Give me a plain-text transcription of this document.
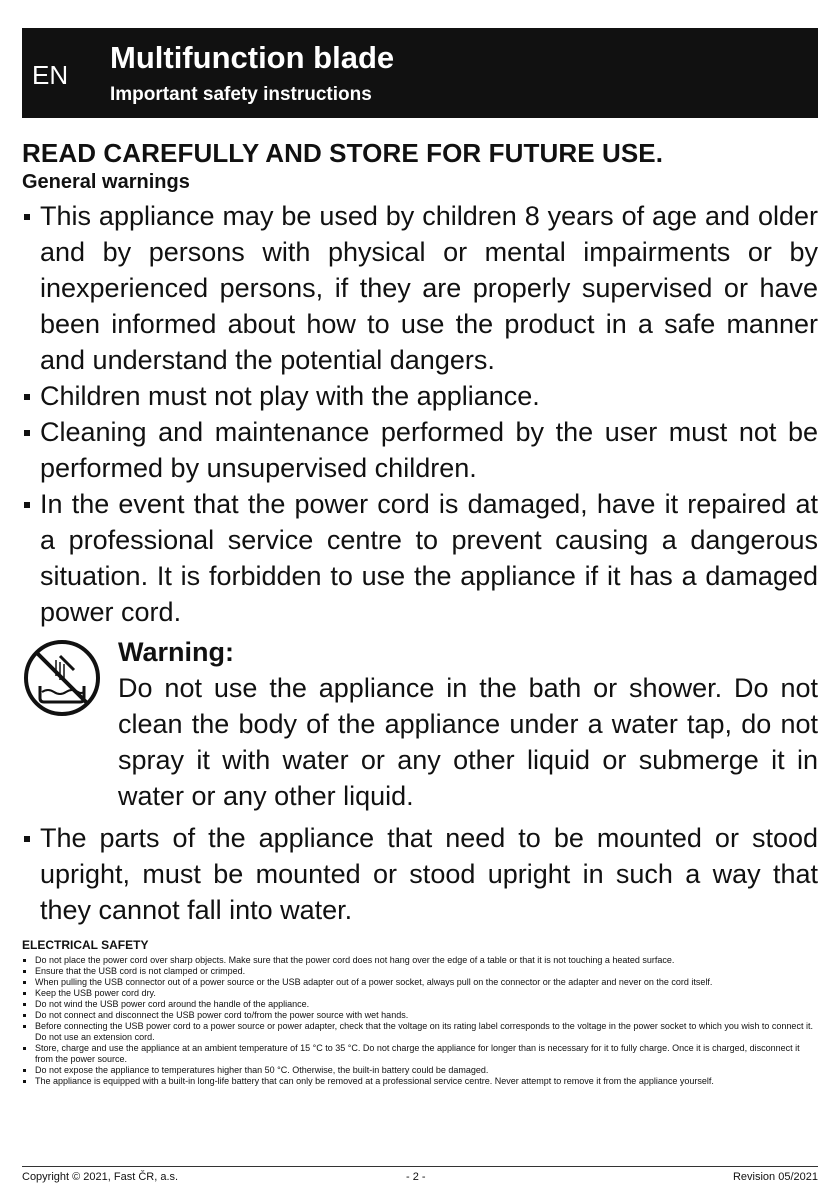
EN Multifunction blade
Important safety instructions
READ CAREFULLY AND STORE FOR FUTURE USE.
General warnings
This appliance may be used by children 8 years of age and older and by persons with physical or mental impairments or by inexperienced persons, if they are properly supervised or have been informed about how to use the product in a safe manner and understand the potential dangers.
Children must not play with the appliance.
Cleaning and maintenance performed by the user must not be performed by unsupervised children.
In the event that the power cord is damaged, have it repaired at a professional service centre to prevent causing a dangerous situation. It is forbidden to use the appliance if it has a damaged power cord.
Warning:
Do not use the appliance in the bath or shower. Do not clean the body of the appliance under a water tap, do not spray it with water or any other liquid or submerge it in water or any other liquid.
The parts of the appliance that need to be mounted or stood upright, must be mounted or stood upright in such a way that they cannot fall into water.
ELECTRICAL SAFETY
Do not place the power cord over sharp objects. Make sure that the power cord does not hang over the edge of a table or that it is not touching a heated surface.
Ensure that the USB cord is not clamped or crimped.
When pulling the USB connector out of a power source or the USB adapter out of a power socket, always pull on the connector or the adapter and never on the cord itself.
Keep the USB power cord dry.
Do not wind the USB power cord around the handle of the appliance.
Do not connect and disconnect the USB power cord to/from the power source with wet hands.
Before connecting the USB power cord to a power source or power adapter, check that the voltage on its rating label corresponds to the voltage in the power socket to which you wish to connect it. Do not use an extension cord.
Store, charge and use the appliance at an ambient temperature of 15 °C to 35 °C. Do not charge the appliance for longer than is necessary for it to fully charge. Once it is charged, disconnect it from the power source.
Do not expose the appliance to temperatures higher than 50 °C. Otherwise, the built-in battery could be damaged.
The appliance is equipped with a built-in long-life battery that can only be removed at a professional service centre. Never attempt to remove it from the appliance yourself.
Copyright © 2021, Fast ČR, a.s.	- 2 -	Revision 05/2021
